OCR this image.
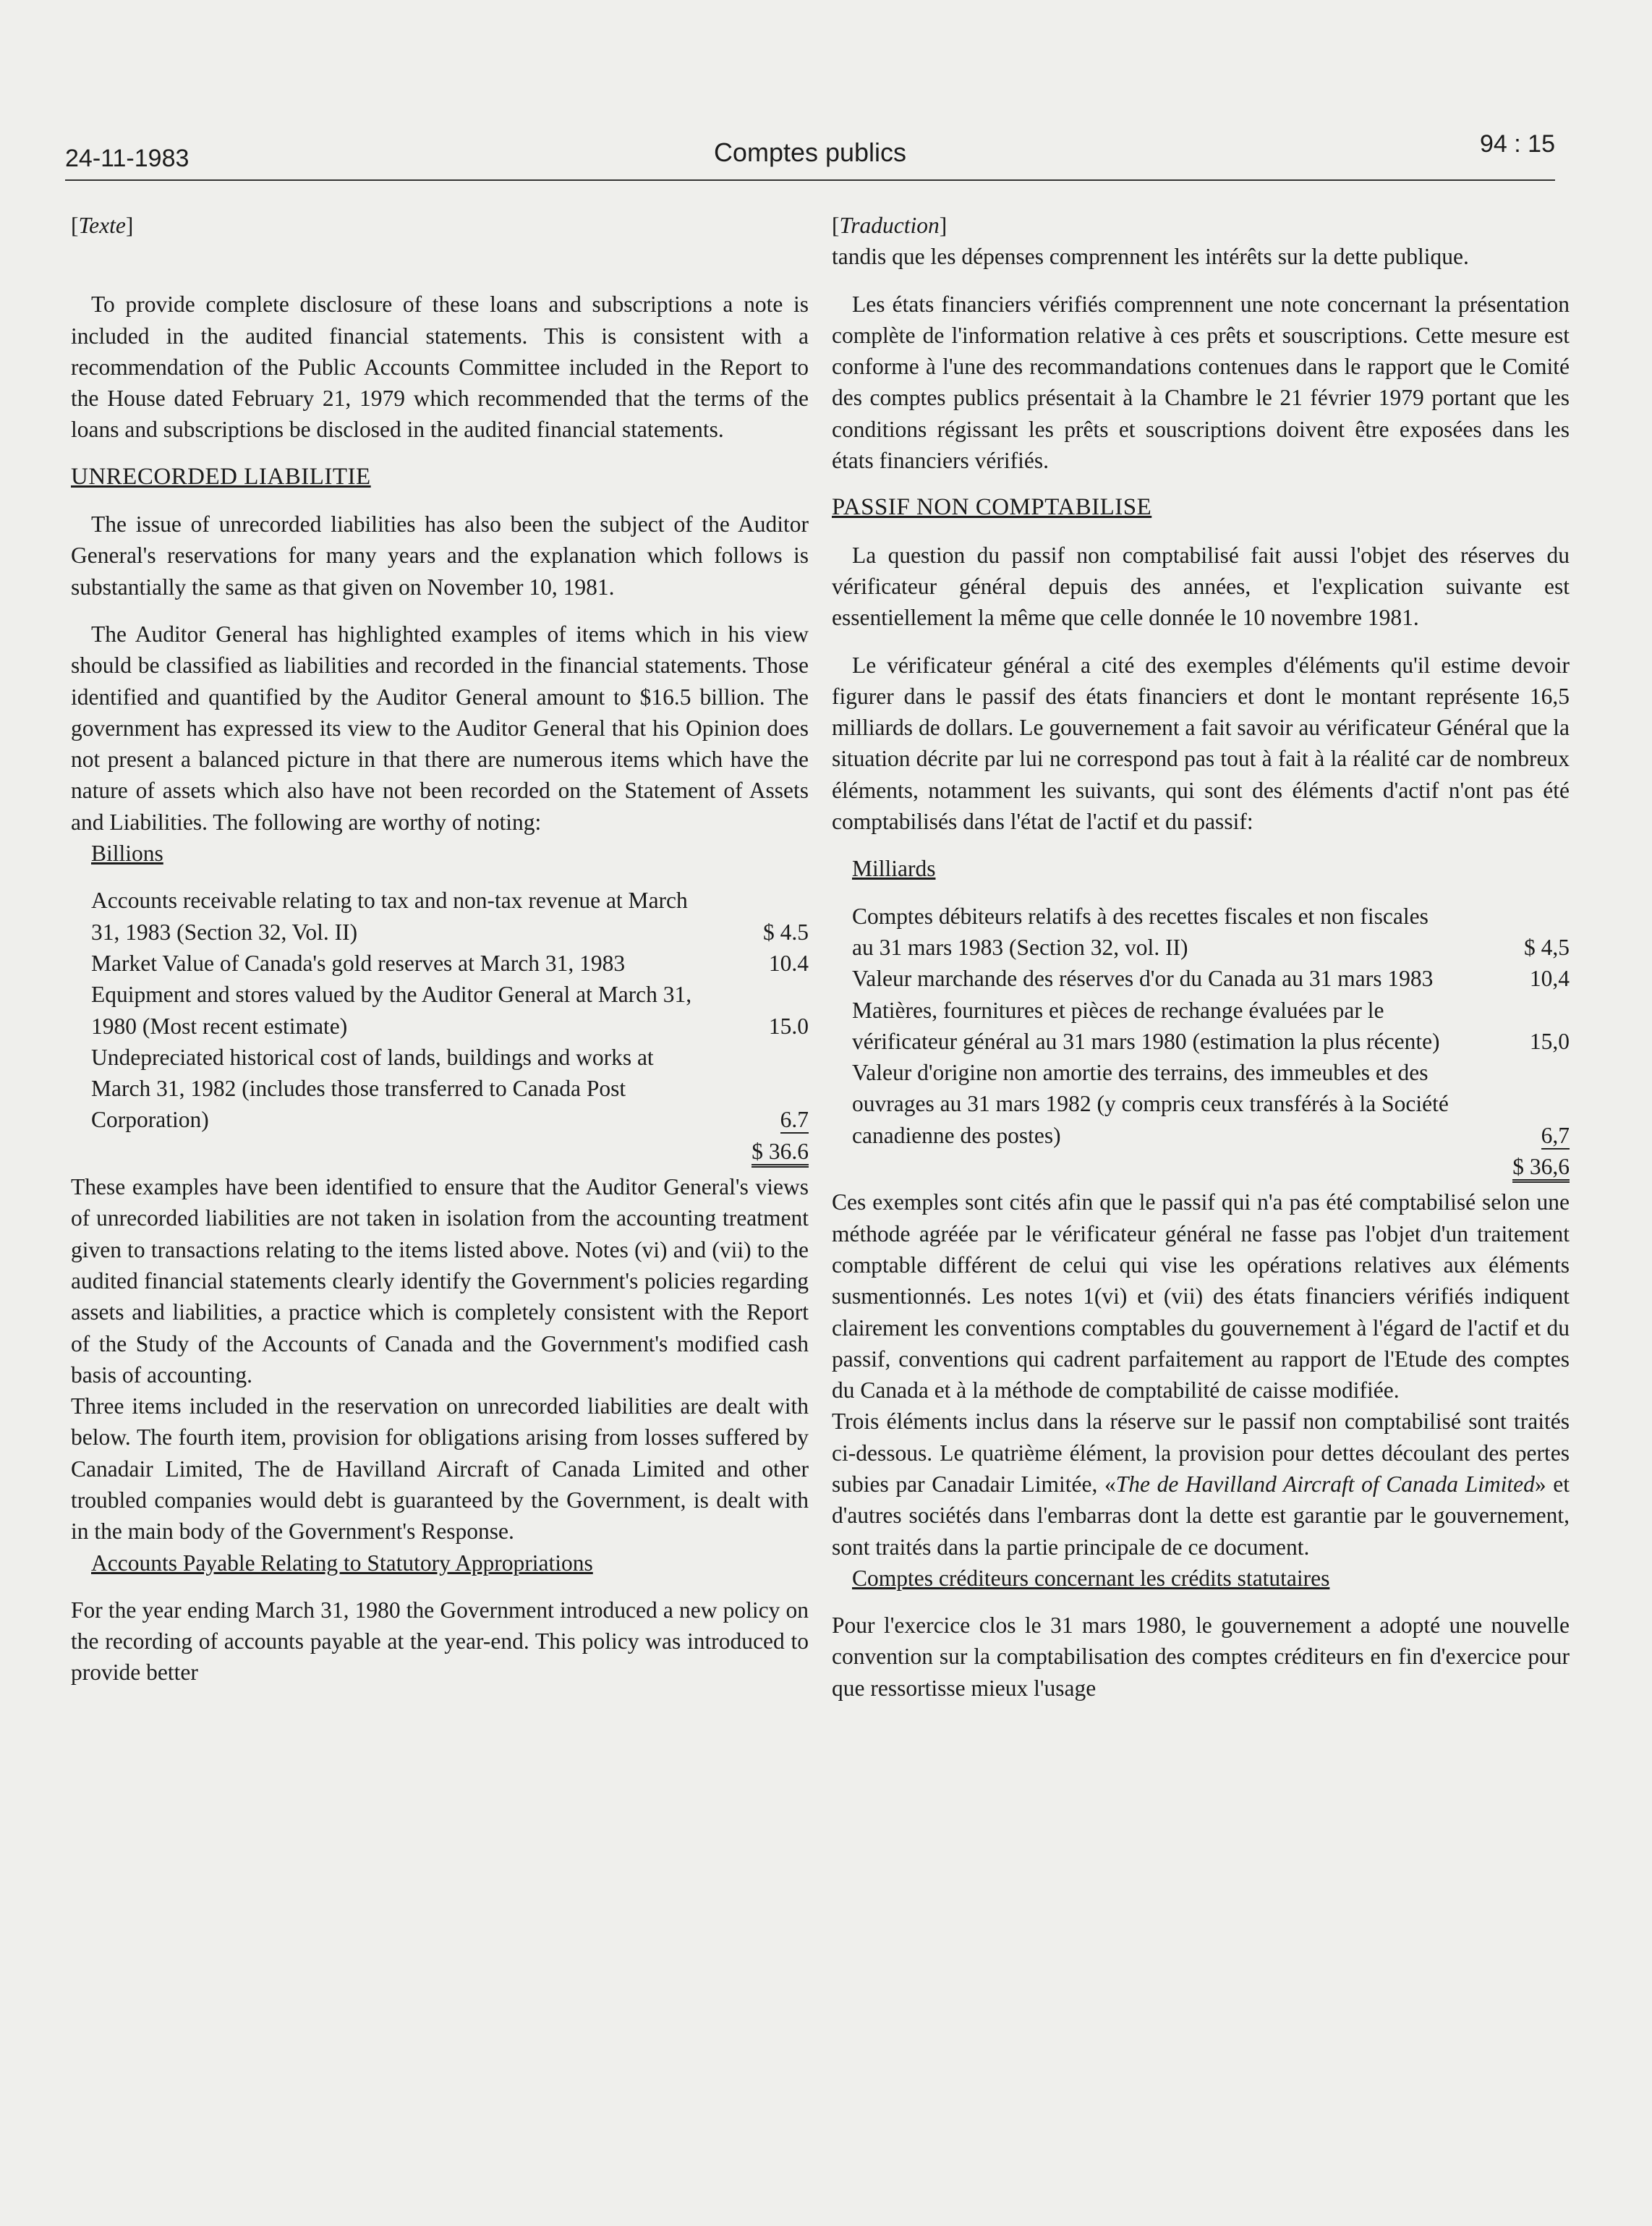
24-11-1983	Comptes publics	94 : 15

[Texte]

To provide complete disclosure of these loans and subscriptions a note is included in the audited financial statements. This is consistent with a recommendation of the Public Accounts Committee included in the Report to the House dated February 21, 1979 which recommended that the terms of the loans and subscriptions be disclosed in the audited financial statements.

UNRECORDED LIABILITIE

The issue of unrecorded liabilities has also been the subject of the Auditor General's reservations for many years and the explanation which follows is substantially the same as that given on November 10, 1981.

The Auditor General has highlighted examples of items which in his view should be classified as liabilities and recorded in the financial statements. Those identified and quantified by the Auditor General amount to $16.5 billion. The government has expressed its view to the Auditor General that his Opinion does not present a balanced picture in that there are numerous items which have the nature of assets which also have not been recorded on the Statement of Assets and Liabilities. The following are worthy of noting:

Billions

Accounts receivable relating to tax and non-tax revenue at March 31, 1983 (Section 32, Vol. II)	$ 4.5
Market Value of Canada's gold reserves at March 31, 1983	10.4
Equipment and stores valued by the Auditor General at March 31, 1980 (Most recent estimate)	15.0
Undepreciated historical cost of lands, buildings and works at March 31, 1982 (includes those transferred to Canada Post Corporation)	6.7
	$ 36.6

These examples have been identified to ensure that the Auditor General's views of unrecorded liabilities are not taken in isolation from the accounting treatment given to transactions relating to the items listed above. Notes (vi) and (vii) to the audited financial statements clearly identify the Government's policies regarding assets and liabilities, a practice which is completely consistent with the Report of the Study of the Accounts of Canada and the Government's modified cash basis of accounting.

Three items included in the reservation on unrecorded liabilities are dealt with below. The fourth item, provision for obligations arising from losses suffered by Canadair Limited, The de Havilland Aircraft of Canada Limited and other troubled companies would debt is guaranteed by the Government, is dealt with in the main body of the Government's Response.

Accounts Payable Relating to Statutory Appropriations

For the year ending March 31, 1980 the Government introduced a new policy on the recording of accounts payable at the year-end. This policy was introduced to provide better

[Traduction]

tandis que les dépenses comprennent les intérêts sur la dette publique.

Les états financiers vérifiés comprennent une note concernant la présentation complète de l'information relative à ces prêts et souscriptions. Cette mesure est conforme à l'une des recommandations contenues dans le rapport que le Comité des comptes publics présentait à la Chambre le 21 février 1979 portant que les conditions régissant les prêts et souscriptions doivent être exposées dans les états financiers vérifiés.

PASSIF NON COMPTABILISE

La question du passif non comptabilisé fait aussi l'objet des réserves du vérificateur général depuis des années, et l'explication suivante est essentiellement la même que celle donnée le 10 novembre 1981.

Le vérificateur général a cité des exemples d'éléments qu'il estime devoir figurer dans le passif des états financiers et dont le montant représente 16,5 milliards de dollars. Le gouvernement a fait savoir au vérificateur Général que la situation décrite par lui ne correspond pas tout à fait à la réalité car de nombreux éléments, notamment les suivants, qui sont des éléments d'actif n'ont pas été comptabilisés dans l'état de l'actif et du passif:

Milliards

Comptes débiteurs relatifs à des recettes fiscales et non fiscales au 31 mars 1983 (Section 32, vol. II)	$ 4,5
Valeur marchande des réserves d'or du Canada au 31 mars 1983	10,4
Matières, fournitures et pièces de rechange évaluées par le vérificateur général au 31 mars 1980 (estimation la plus récente)	15,0
Valeur d'origine non amortie des terrains, des immeubles et des ouvrages au 31 mars 1982 (y compris ceux transférés à la Société canadienne des postes)	6,7
	$ 36,6

Ces exemples sont cités afin que le passif qui n'a pas été comptabilisé selon une méthode agréée par le vérificateur général ne fasse pas l'objet d'un traitement comptable différent de celui qui vise les opérations relatives aux éléments susmentionnés. Les notes 1(vi) et (vii) des états financiers vérifiés indiquent clairement les conventions comptables du gouvernement à l'égard de l'actif et du passif, conventions qui cadrent parfaitement au rapport de l'Etude des comptes du Canada et à la méthode de comptabilité de caisse modifiée.

Trois éléments inclus dans la réserve sur le passif non comptabilisé sont traités ci-dessous. Le quatrième élément, la provision pour dettes découlant des pertes subies par Canadair Limitée, «The de Havilland Aircraft of Canada Limited» et d'autres sociétés dans l'embarras dont la dette est garantie par le gouvernement, sont traités dans la partie principale de ce document.

Comptes créditeurs concernant les crédits statutaires

Pour l'exercice clos le 31 mars 1980, le gouvernement a adopté une nouvelle convention sur la comptabilisation des comptes créditeurs en fin d'exercice pour que ressortisse mieux l'usage
